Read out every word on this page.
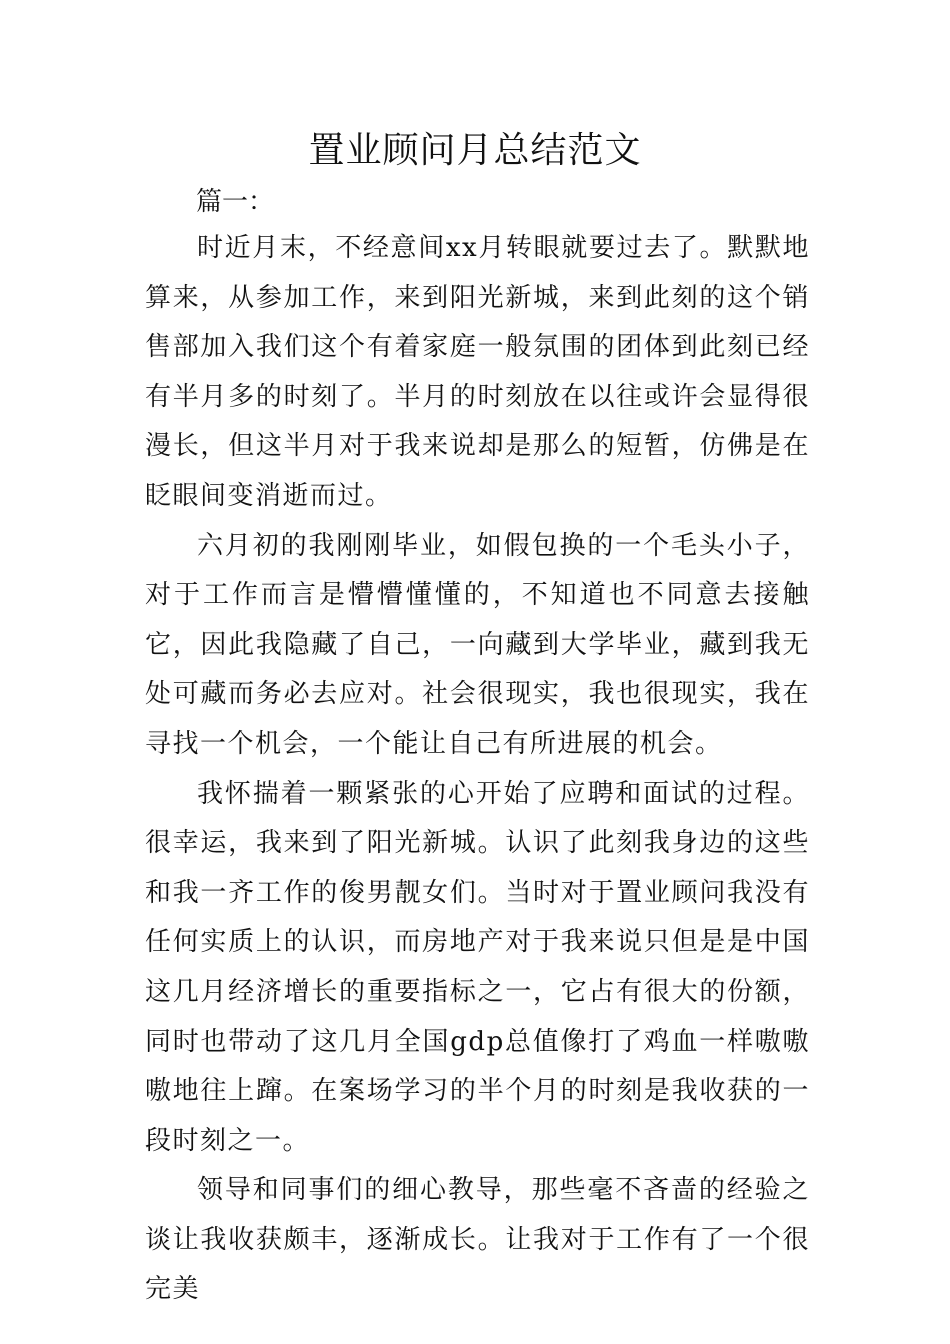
置业顾问月总结范文

篇一：

时近月末，不经意间xx月转眼就要过去了。默默地算来，从参加工作，来到阳光新城，来到此刻的这个销售部加入我们这个有着家庭一般氛围的团体到此刻已经有半月多的时刻了。半月的时刻放在以往或许会显得很漫长，但这半月对于我来说却是那么的短暂，仿佛是在眨眼间变消逝而过。

六月初的我刚刚毕业，如假包换的一个毛头小子，对于工作而言是懵懵懂懂的，不知道也不同意去接触它，因此我隐藏了自己，一向藏到大学毕业，藏到我无处可藏而务必去应对。社会很现实，我也很现实，我在寻找一个机会，一个能让自己有所进展的机会。

我怀揣着一颗紧张的心开始了应聘和面试的过程。很幸运，我来到了阳光新城。认识了此刻我身边的这些和我一齐工作的俊男靓女们。当时对于置业顾问我没有任何实质上的认识，而房地产对于我来说只但是是中国这几月经济增长的重要指标之一，它占有很大的份额，同时也带动了这几月全国gdp总值像打了鸡血一样嗷嗷嗷地往上蹿。在案场学习的半个月的时刻是我收获的一段时刻之一。

领导和同事们的细心教导，那些毫不吝啬的经验之谈让我收获颇丰，逐渐成长。让我对于工作有了一个很完美
